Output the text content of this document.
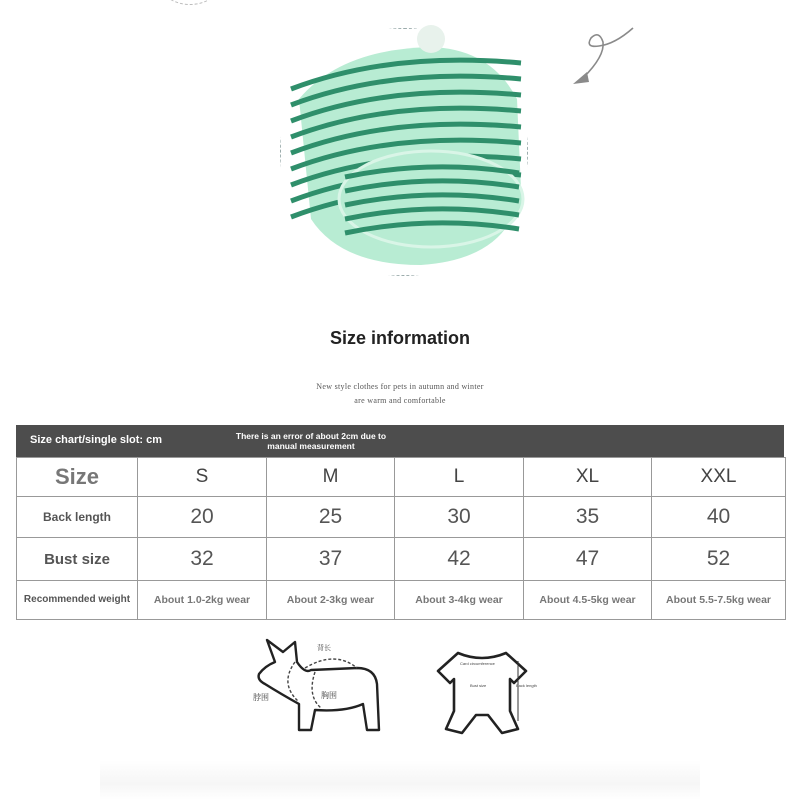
Size information
New style clothes for pets in autumn and winter
are warm and comfortable
Size chart/single slot: cm	There is an error of about 2cm due to manual measurement
Size	S	M	L	XL	XXL
Back length	20	25	30	35	40
Bust size	32	37	42	47	52
Recommended weight	About 1.0-2kg wear	About 2-3kg wear	About 3-4kg wear	About 4.5-5kg wear	About 5.5-7.5kg wear
背长
脖围	胸围
Card circumference
Bust size	Back length
